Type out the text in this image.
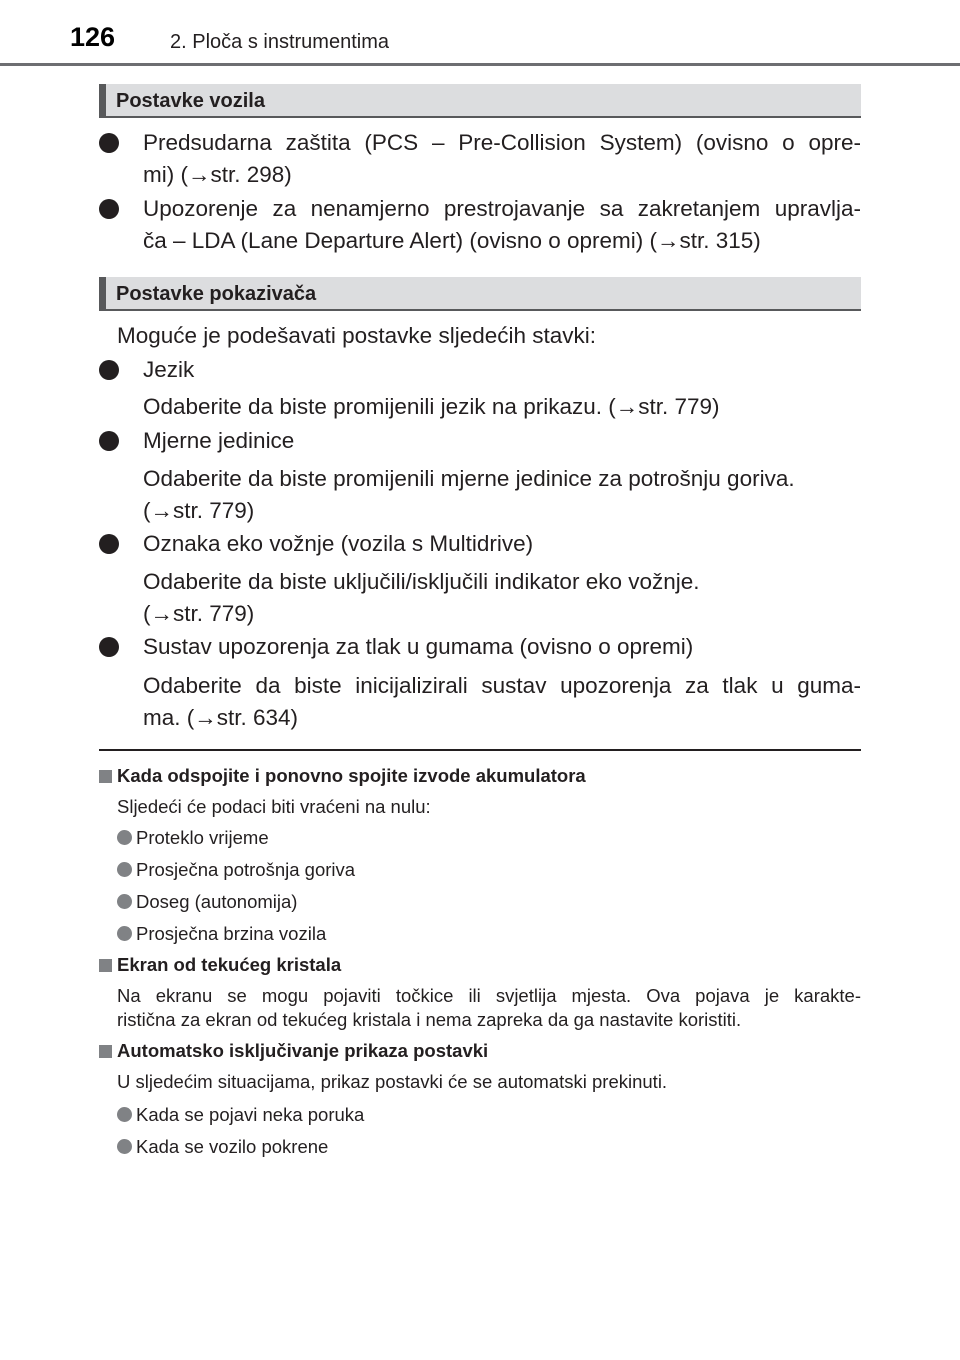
126	2. Ploča s instrumentima
Postavke vozila
Predsudarna zaštita (PCS – Pre-Collision System) (ovisno o opre-
mi) (→str. 298)
Upozorenje za nenamjerno prestrojavanje sa zakretanjem upravlja-
ča – LDA (Lane Departure Alert) (ovisno o opremi) (→str. 315)
Postavke pokazivača
Moguće je podešavati postavke sljedećih stavki:
Jezik
Odaberite da biste promijenili jezik na prikazu. (→str. 779)
Mjerne jedinice
Odaberite da biste promijenili mjerne jedinice za potrošnju goriva.
(→str. 779)
Oznaka eko vožnje (vozila s Multidrive)
Odaberite da biste uključili/isključili indikator eko vožnje.
(→str. 779)
Sustav upozorenja za tlak u gumama (ovisno o opremi)
Odaberite da biste inicijalizirali sustav upozorenja za tlak u guma-
ma. (→str. 634)
Kada odspojite i ponovno spojite izvode akumulatora
Sljedeći će podaci biti vraćeni na nulu:
Proteklo vrijeme
Prosječna potrošnja goriva
Doseg (autonomija)
Prosječna brzina vozila
Ekran od tekućeg kristala
Na ekranu se mogu pojaviti točkice ili svjetlija mjesta. Ova pojava je karakte-
ristična za ekran od tekućeg kristala i nema zapreka da ga nastavite koristiti.
Automatsko isključivanje prikaza postavki
U sljedećim situacijama, prikaz postavki će se automatski prekinuti.
Kada se pojavi neka poruka
Kada se vozilo pokrene
